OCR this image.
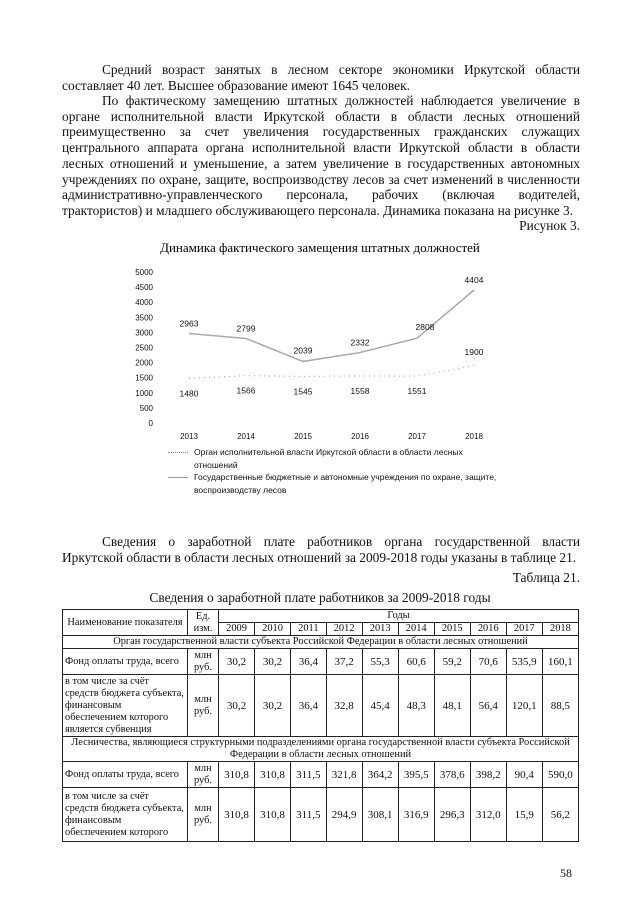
Средний возраст занятых в лесном секторе экономики Иркутской области составляет 40 лет. Высшее образование имеют 1645 человек.

По фактическому замещению штатных должностей наблюдается увеличение в органе исполнительной власти Иркутской области в области лесных отношений преимущественно за счет увеличения государственных гражданских служащих центрального аппарата органа исполнительной власти Иркутской области в области лесных отношений и уменьшение, а затем увеличение в государственных автономных учреждениях по охране, защите, воспроизводству лесов за счет изменений в численности административно-управленческого персонала, рабочих (включая водителей, трактористов) и младшего обслуживающего персонала. Динамика показана на рисунке 3.

Рисунок 3.
Динамика фактического замещения штатных должностей
0
500
1000
1500
2000
2500
3000
3500
4000
4500
5000
2013	2014	2015	2016	2017	2018
1480	1566	1545	1558	1551
1900
2963	2799
2039
2332
2808
4404
Орган исполнительной власти Иркутской области в области лесных отношений
Государственные бюджетные и автономные учреждения по охране, защите, воспроизводству лесов

Сведения о заработной плате работников органа государственной власти Иркутской области в области лесных отношений за 2009-2018 годы указаны в таблице 21.

Таблица 21.
Сведения о заработной плате работников за 2009-2018 годы
Наименование показателя	Ед. изм.	Годы									
		2009	2010	2011	2012	2013	2014	2015	2016	2017	2018
Орган государственной власти субъекта Российской Федерации в области лесных отношений											
Фонд оплаты труда, всего	млн руб.	30,2	30,2	36,4	37,2	55,3	60,6	59,2	70,6	535,9	160,1
в том числе за счёт средств бюджета субъекта, финансовым обеспечением которого является субвенция	млн руб.	30,2	30,2	36,4	32,8	45,4	48,3	48,1	56,4	120,1	88,5
Лесничества, являющиеся структурными подразделениями органа государственной власти субъекта Российской Федерации в области лесных отношений											
Фонд оплаты труда, всего	млн руб.	310,8	310,8	311,5	321,8	364,2	395,5	378,6	398,2	90,4	590,0
в том числе за счёт средств бюджета субъекта, финансовым обеспечением которого	млн руб.	310,8	310,8	311,5	294,9	308,1	316,9	296,3	312,0	15,9	56,2
58
